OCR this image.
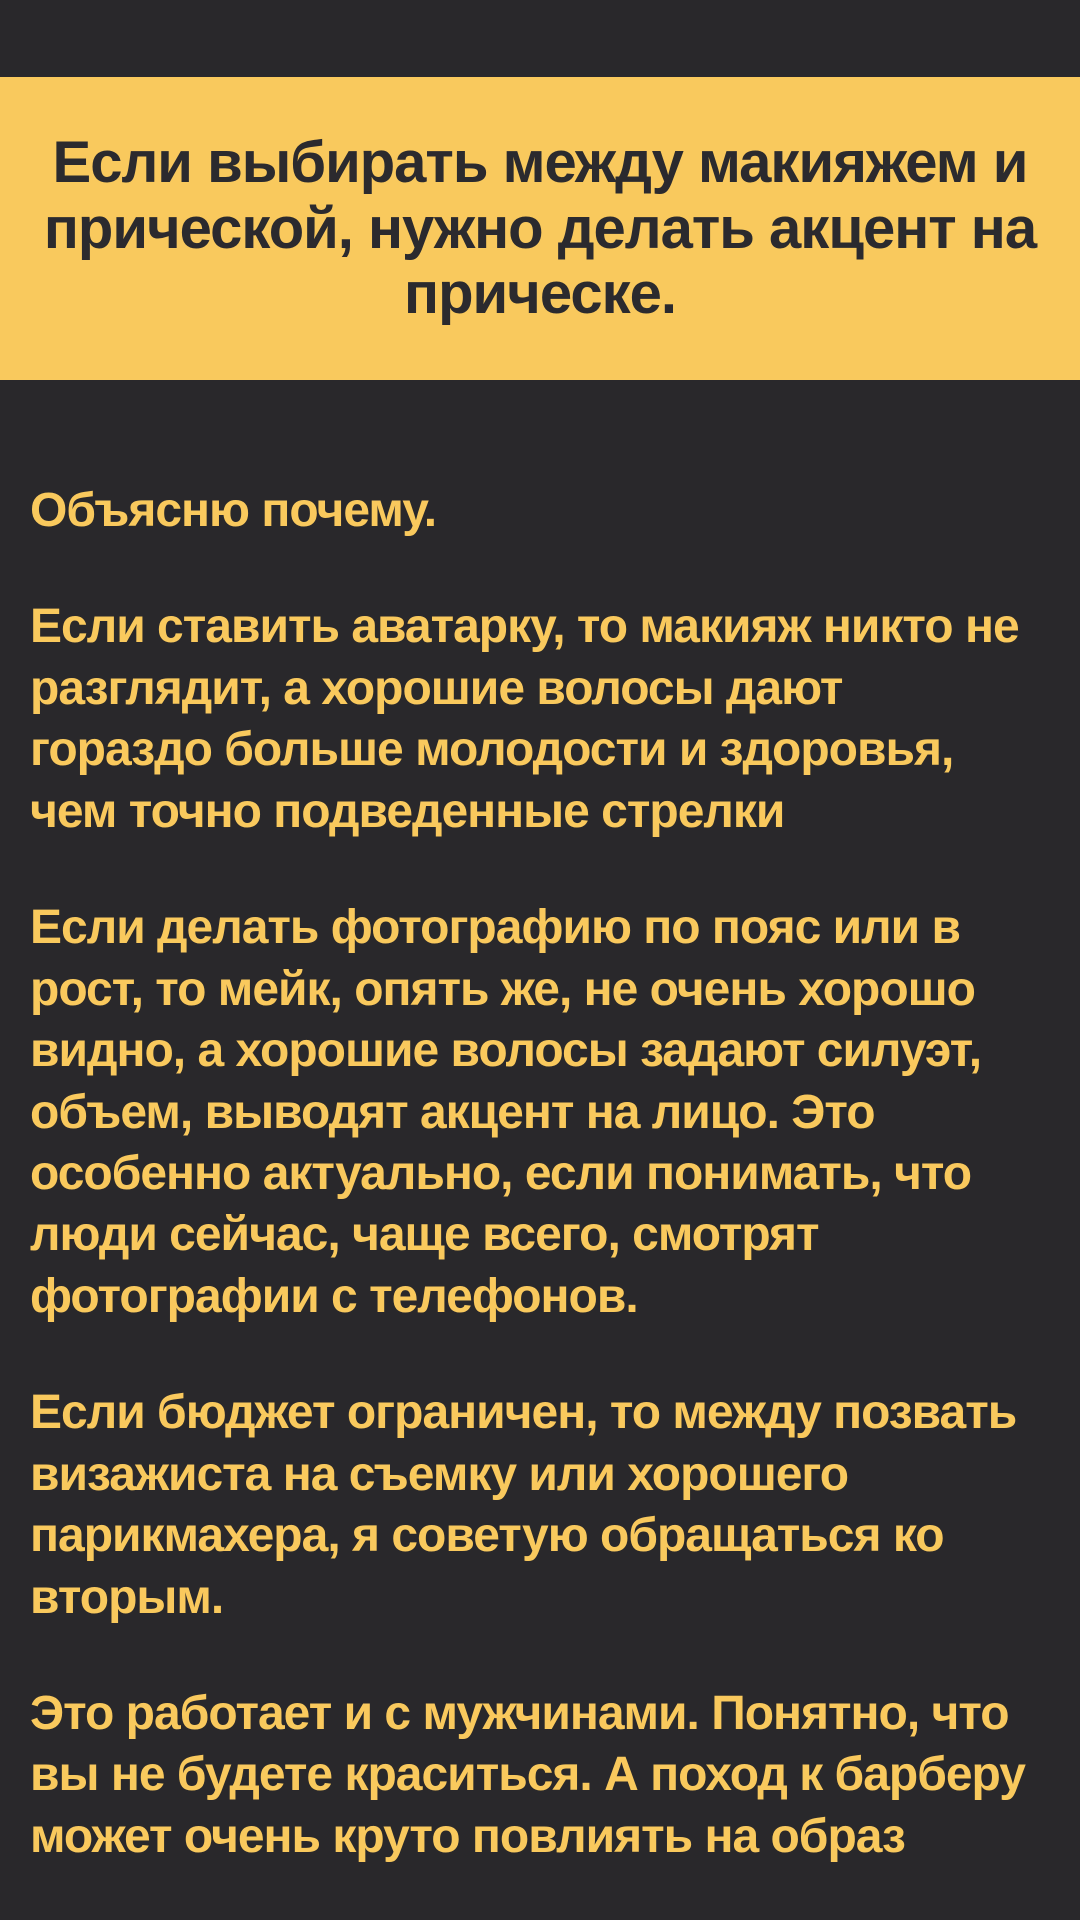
Если выбирать между макияжем и прической, нужно делать акцент на прическе.

Объясню почему.

Если ставить аватарку, то макияж никто не разглядит, а хорошие волосы дают гораздо больше молодости и здоровья, чем точно подведенные стрелки

Если делать фотографию по пояс или в рост, то мейк, опять же, не очень хорошо видно, а хорошие волосы задают силуэт, объем, выводят акцент на лицо. Это особенно актуально, если понимать, что люди сейчас, чаще всего, смотрят фотографии с телефонов.

Если бюджет ограничен, то между позвать визажиста на съемку или хорошего парикмахера, я советую обращаться ко вторым.

Это работает и с мужчинами. Понятно, что вы не будете краситься. А поход к барберу может очень круто повлиять на образ
